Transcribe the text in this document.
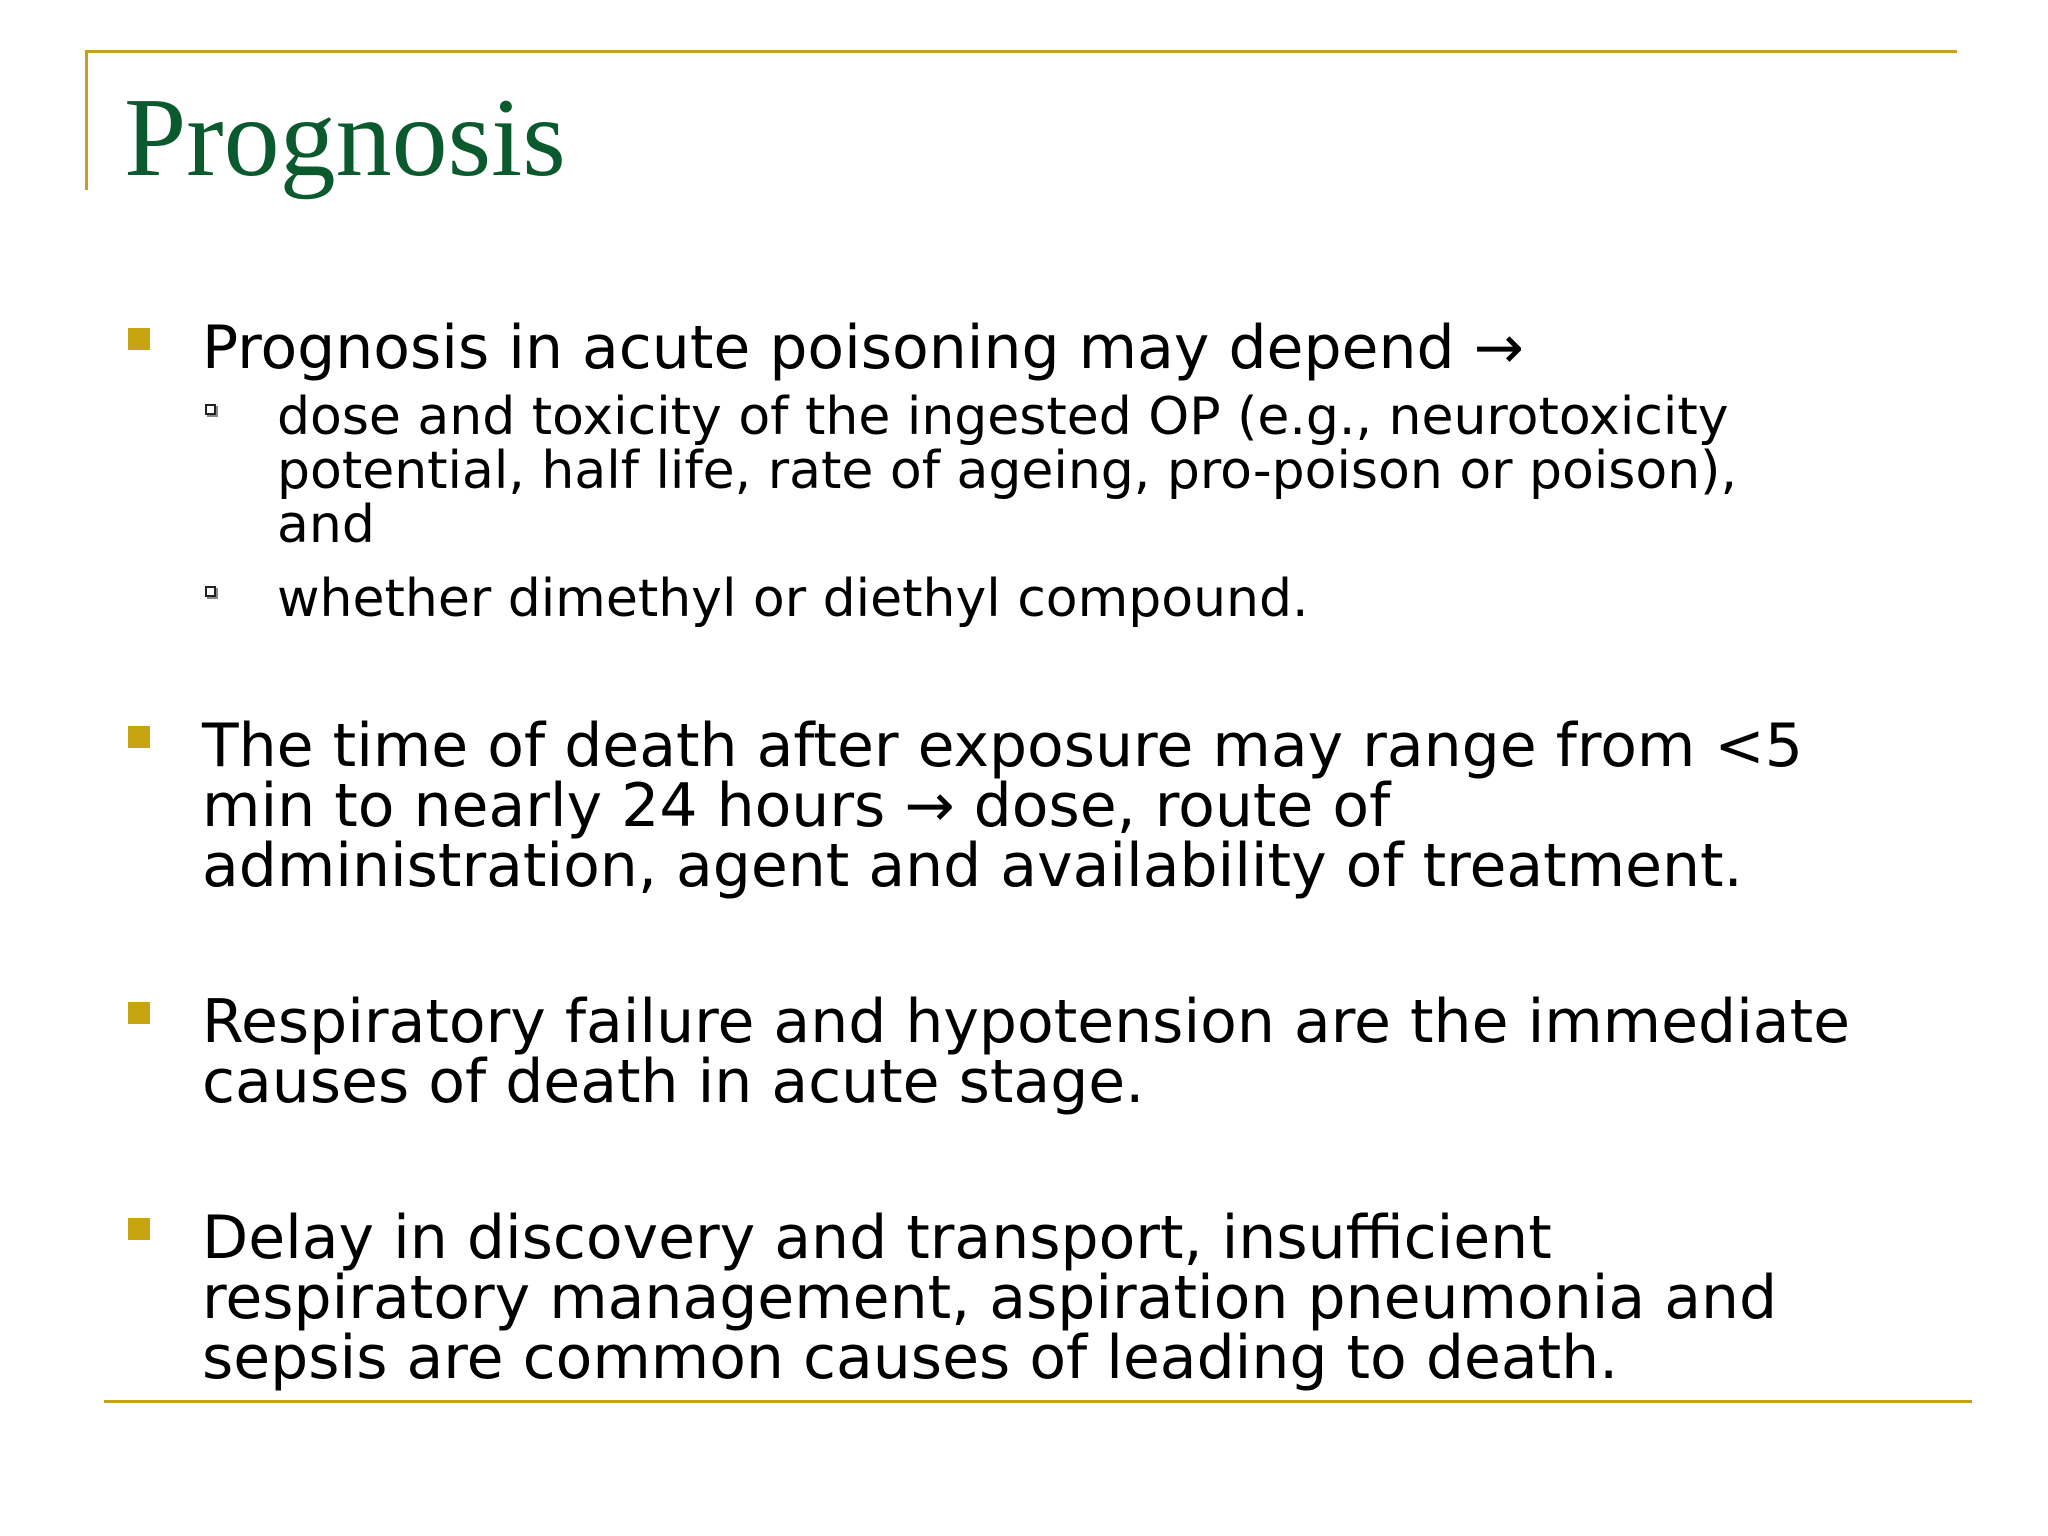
Prognosis
Prognosis in acute poisoning may depend →
dose and toxicity of the ingested OP (e.g., neurotoxicity
potential, half life, rate of ageing, pro-poison or poison),
and
whether dimethyl or diethyl compound.
The time of death after exposure may range from <5
min to nearly 24 hours → dose, route of
administration, agent and availability of treatment.
Respiratory failure and hypotension are the immediate
causes of death in acute stage.
Delay in discovery and transport, insufficient
respiratory management, aspiration pneumonia and
sepsis are common causes of leading to death.
